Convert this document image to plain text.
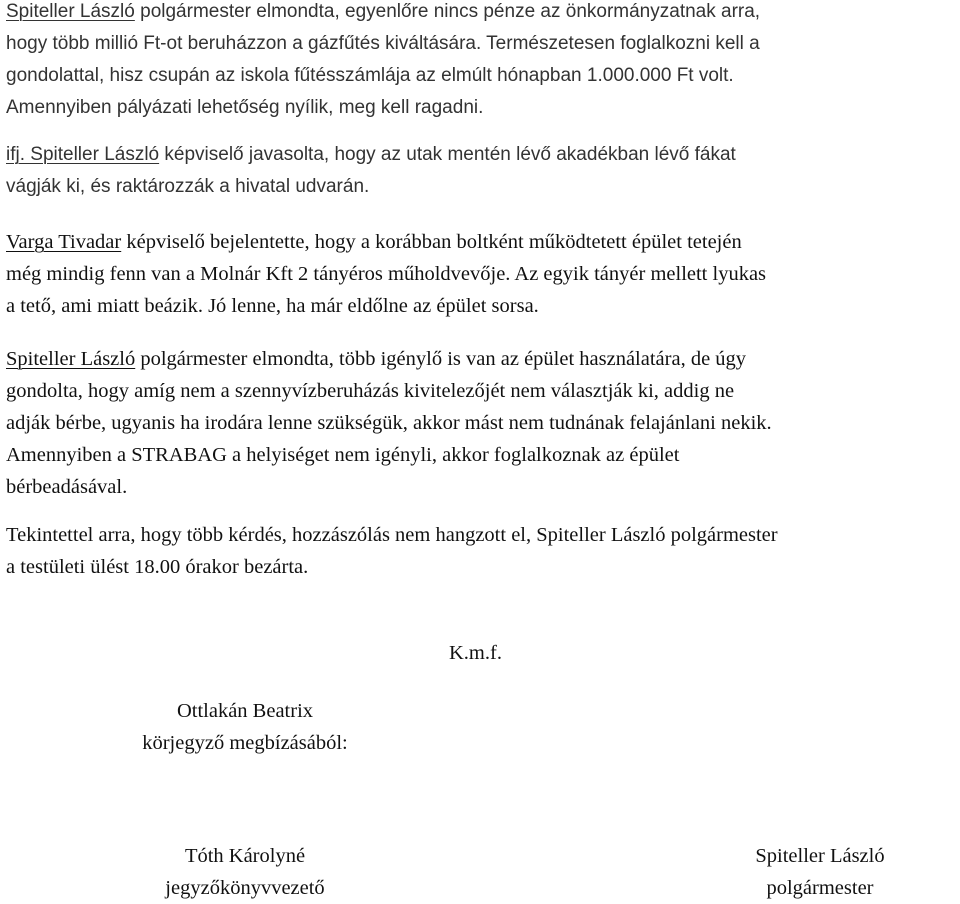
Spiteller László polgármester elmondta, egyenlőre nincs pénze az önkormányzatnak arra,
hogy több millió Ft-ot beruházzon a gázfűtés kiváltására. Természetesen foglalkozni kell a
gondolattal, hisz csupán az iskola fűtésszámlája az elmúlt hónapban 1.000.000 Ft volt.
Amennyiben pályázati lehetőség nyílik, meg kell ragadni.
ifj. Spiteller László képviselő javasolta, hogy az utak mentén lévő akadékban lévő fákat
vágják ki, és raktározzák a hivatal udvarán.
Varga Tivadar képviselő bejelentette, hogy a korábban boltként működtetett épület tetején
még mindig fenn van a Molnár Kft 2 tányéros műholdvevője. Az egyik tányér mellett lyukas
a tető, ami miatt beázik. Jó lenne, ha már eldőlne az épület sorsa.
Spiteller László polgármester elmondta, több igénylő is van az épület használatára, de úgy
gondolta, hogy amíg nem a szennyvízberuházás kivitelezőjét nem választják ki, addig ne
adják bérbe, ugyanis ha irodára lenne szükségük, akkor mást nem tudnának felajánlani nekik.
Amennyiben a STRABAG a helyiséget nem igényli, akkor foglalkoznak az épület
bérbeadásával.
Tekintettel arra, hogy több kérdés, hozzászólás nem hangzott el, Spiteller László polgármester
a testületi ülést 18.00 órakor bezárta.
K.m.f.
Ottlakán Beatrix
körjegyző megbízásából:
Tóth Károlyné
jegyzőkönyvvezető
Spiteller László
polgármester
